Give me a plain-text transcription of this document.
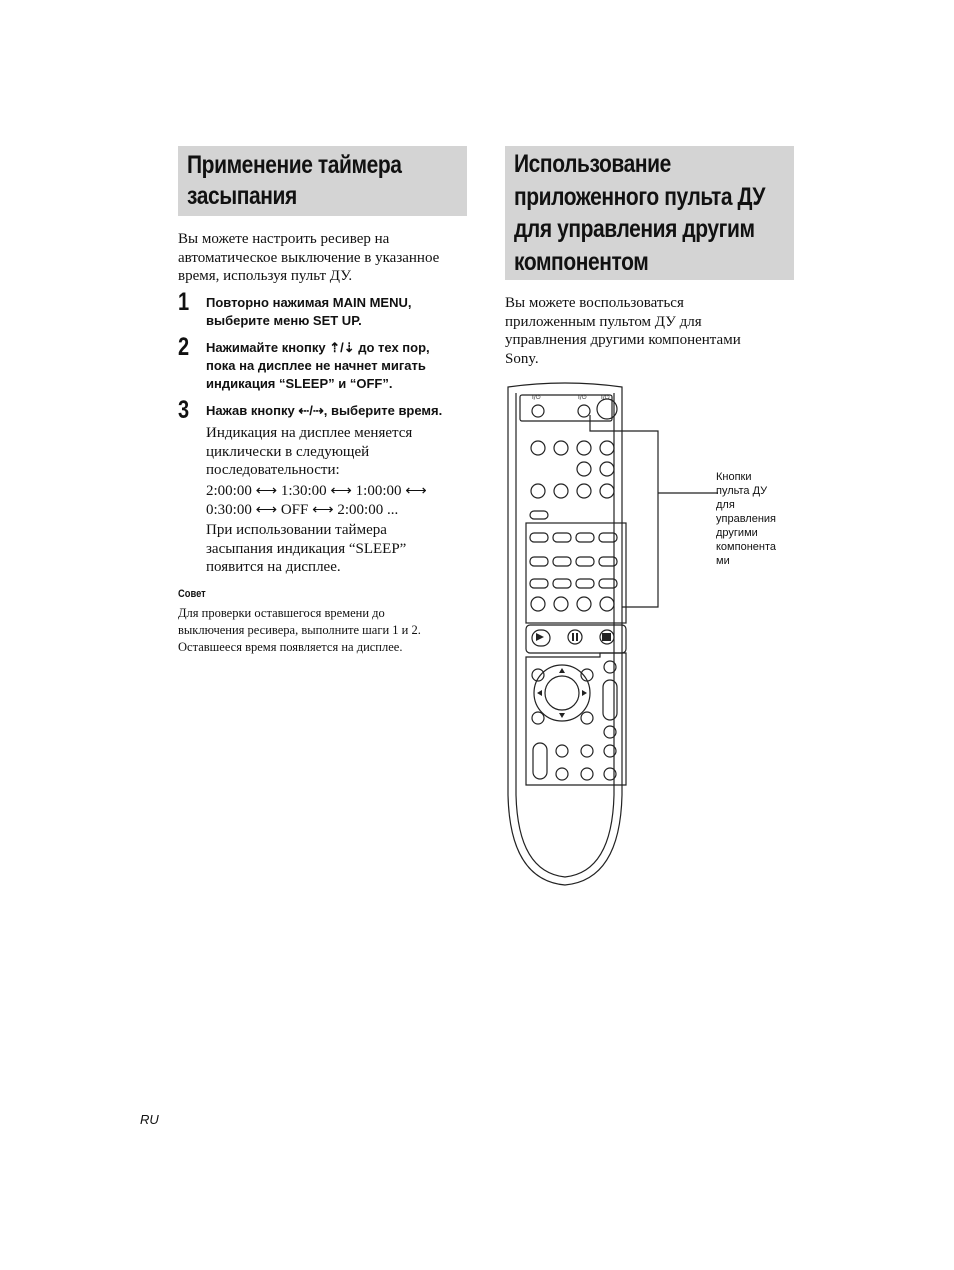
Применение таймера
засыпания
Вы можете настроить ресивер на
автоматическое выключение в указанное
время, используя пульт ДУ.
1 Повторно нажимая MAIN MENU,
выберите меню SET UP.
2 Нажимайте кнопку ⇡/⇣ до тех пор,
пока на дисплее не начнет мигать
индикация “SLEEP” и “OFF”.
3 Нажав кнопку ⇠/⇢, выберите время.
Индикация на дисплее меняется
циклически в следующей
последовательности:
2:00:00 ⟷ 1:30:00 ⟷ 1:00:00 ⟷
0:30:00 ⟷ OFF ⟷ 2:00:00 ...
При использовании таймера
засыпания индикация “SLEEP”
появится на дисплее.
Совет
Для проверки оставшегося времени до
выключения ресивера, выполните шаги 1 и 2.
Оставшееся время появляется на дисплее.
Использование
приложенного пульта ДУ
для управления другим
компонентом
Вы можете воспользоваться
приложенным пультом ДУ для
управлнения другими компонентами
Sony.
I/⏻	I/⏻ I/⏻
Кнопки
пульта ДУ
для
управления
другими
компонента
ми
RU
